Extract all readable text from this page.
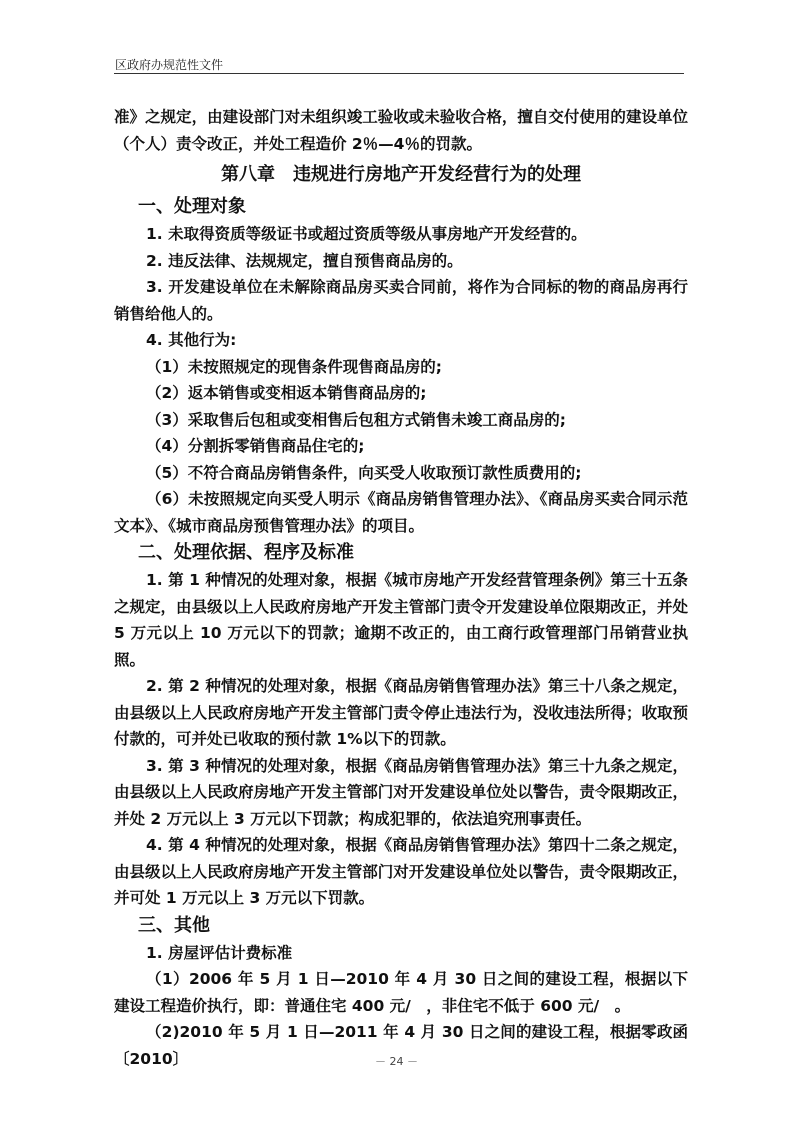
区政府办规范性文件

准》之规定，由建设部门对未组织竣工验收或未验收合格，擅自交付使用的建设单位（个人）责令改正，并处工程造价 2％—4％的罚款。

第八章　违规进行房地产开发经营行为的处理

一、处理对象

1. 未取得资质等级证书或超过资质等级从事房地产开发经营的。

2. 违反法律、法规规定，擅自预售商品房的。

3. 开发建设单位在未解除商品房买卖合同前，将作为合同标的物的商品房再行销售给他人的。

4. 其他行为:

（1）未按照规定的现售条件现售商品房的;

（2）返本销售或变相返本销售商品房的;

（3）采取售后包租或变相售后包租方式销售未竣工商品房的;

（4）分割拆零销售商品住宅的;

（5）不符合商品房销售条件，向买受人收取预订款性质费用的;

（6）未按照规定向买受人明示《商品房销售管理办法》、《商品房买卖合同示范文本》、《城市商品房预售管理办法》的项目。

二、处理依据、程序及标准

1. 第 1 种情况的处理对象，根据《城市房地产开发经营管理条例》第三十五条之规定，由县级以上人民政府房地产开发主管部门责令开发建设单位限期改正，并处 5 万元以上 10 万元以下的罚款；逾期不改正的，由工商行政管理部门吊销营业执照。

2. 第 2 种情况的处理对象，根据《商品房销售管理办法》第三十八条之规定，由县级以上人民政府房地产开发主管部门责令停止违法行为，没收违法所得；收取预付款的，可并处已收取的预付款 1%以下的罚款。

3. 第 3 种情况的处理对象，根据《商品房销售管理办法》第三十九条之规定，由县级以上人民政府房地产开发主管部门对开发建设单位处以警告，责令限期改正，并处 2 万元以上 3 万元以下罚款；构成犯罪的，依法追究刑事责任。

4. 第 4 种情况的处理对象，根据《商品房销售管理办法》第四十二条之规定，由县级以上人民政府房地产开发主管部门对开发建设单位处以警告，责令限期改正，并可处 1 万元以上 3 万元以下罚款。

三、其他

1. 房屋评估计费标准

（1）2006 年 5 月 1 日—2010 年 4 月 30 日之间的建设工程，根据以下建设工程造价执行，即：普通住宅 400 元/　，非住宅不低于 600 元/　。

（2)2010 年 5 月 1 日—2011 年 4 月 30 日之间的建设工程，根据零政函〔2010〕	－ 24 －
